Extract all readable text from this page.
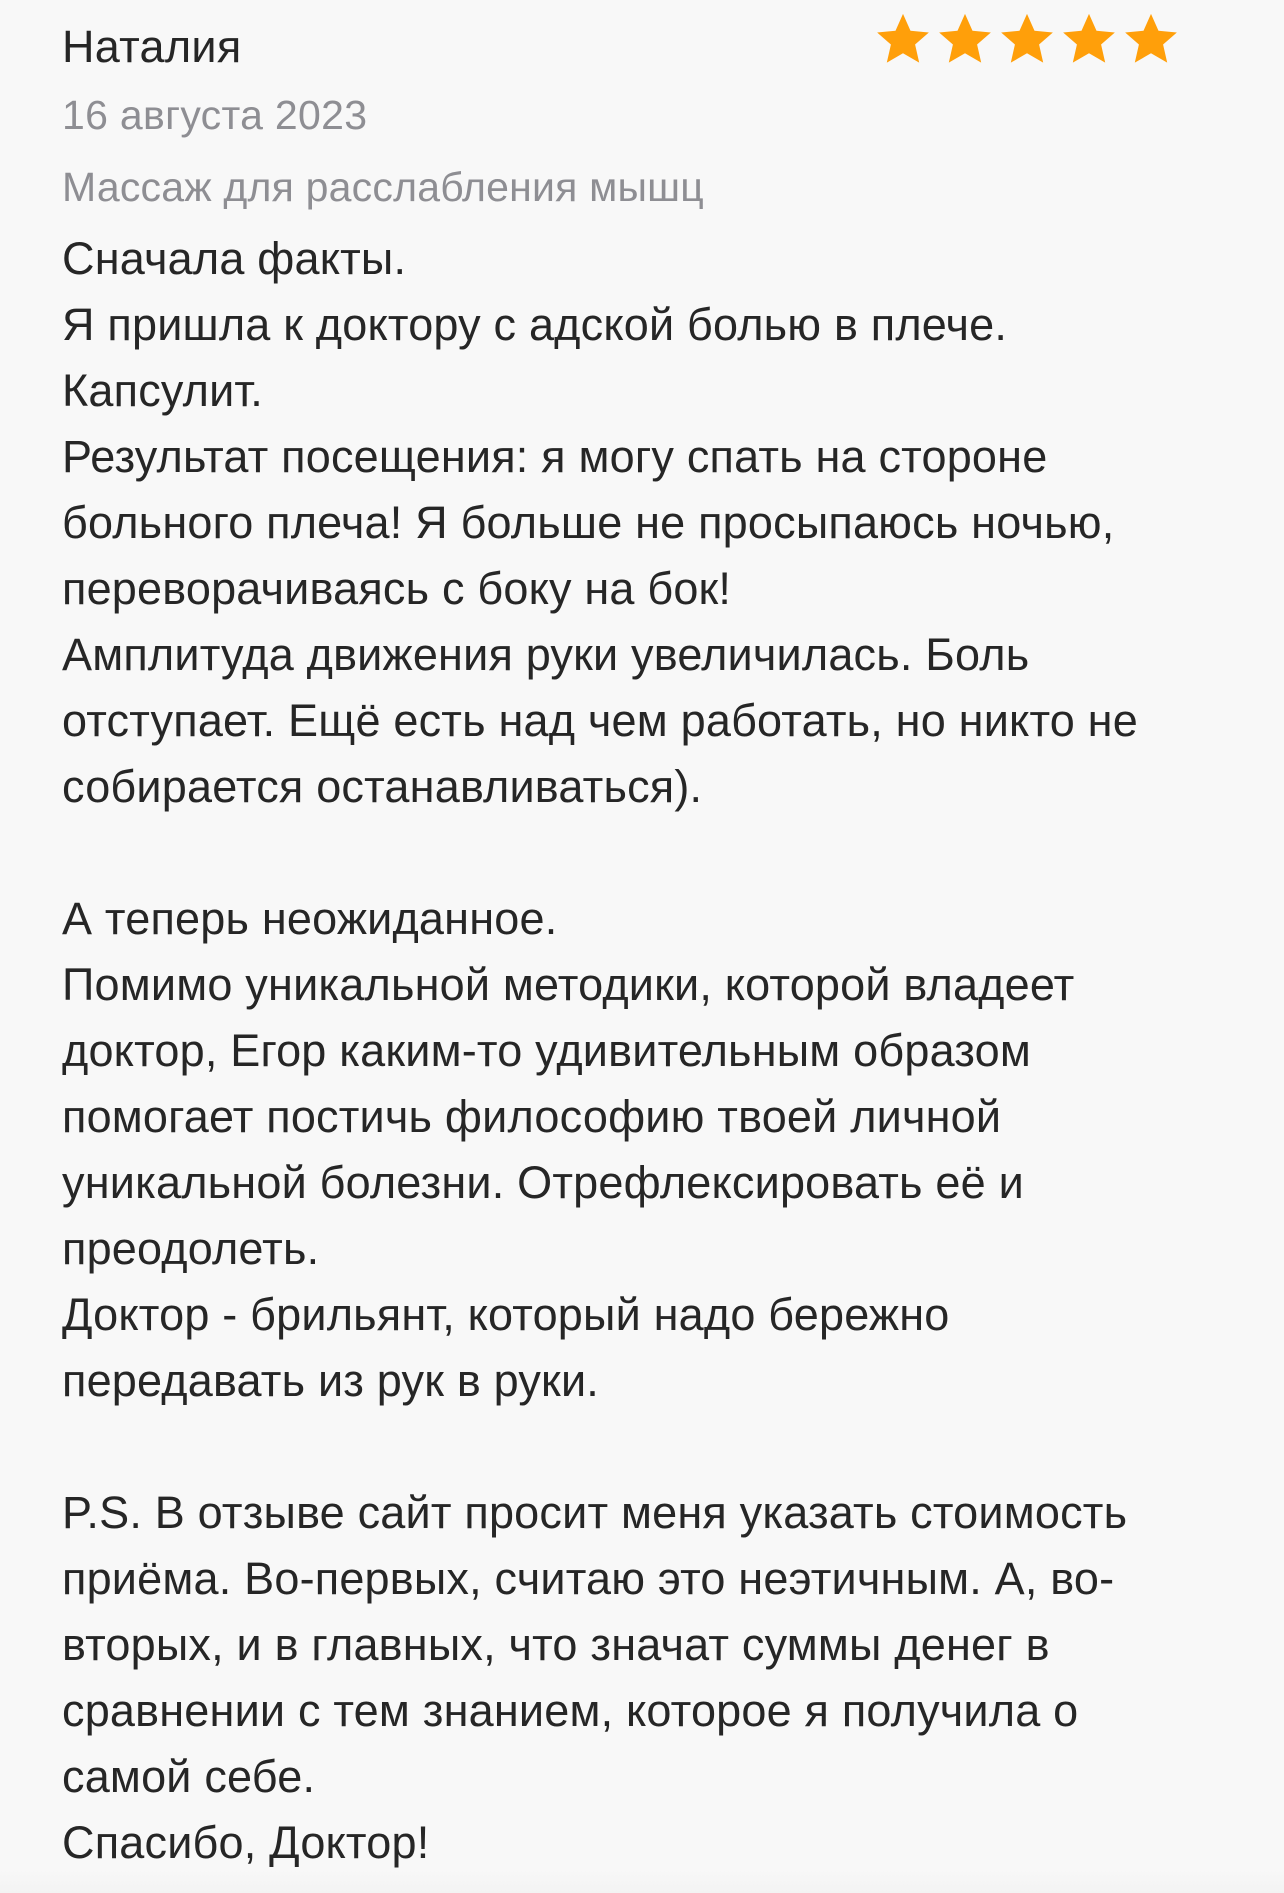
Наталия
16 августа 2023
Массаж для расслабления мышц
Сначала факты.
Я пришла к доктору с адской болью в плече.
Капсулит.
Результат посещения: я могу спать на стороне
больного плеча! Я больше не просыпаюсь ночью,
переворачиваясь с боку на бок!
Амплитуда движения руки увеличилась. Боль
отступает. Ещё есть над чем работать, но никто не
собирается останавливаться).
А теперь неожиданное.
Помимо уникальной методики, которой владеет
доктор, Егор каким-то удивительным образом
помогает постичь философию твоей личной
уникальной болезни. Отрефлексировать её и
преодолеть.
Доктор - брильянт, который надо бережно
передавать из рук в руки.
P.S. В отзыве сайт просит меня указать стоимость
приёма. Во-первых, считаю это неэтичным. А, во-
вторых, и в главных, что значат суммы денег в
сравнении с тем знанием, которое я получила о
самой себе.
Спасибо, Доктор!
